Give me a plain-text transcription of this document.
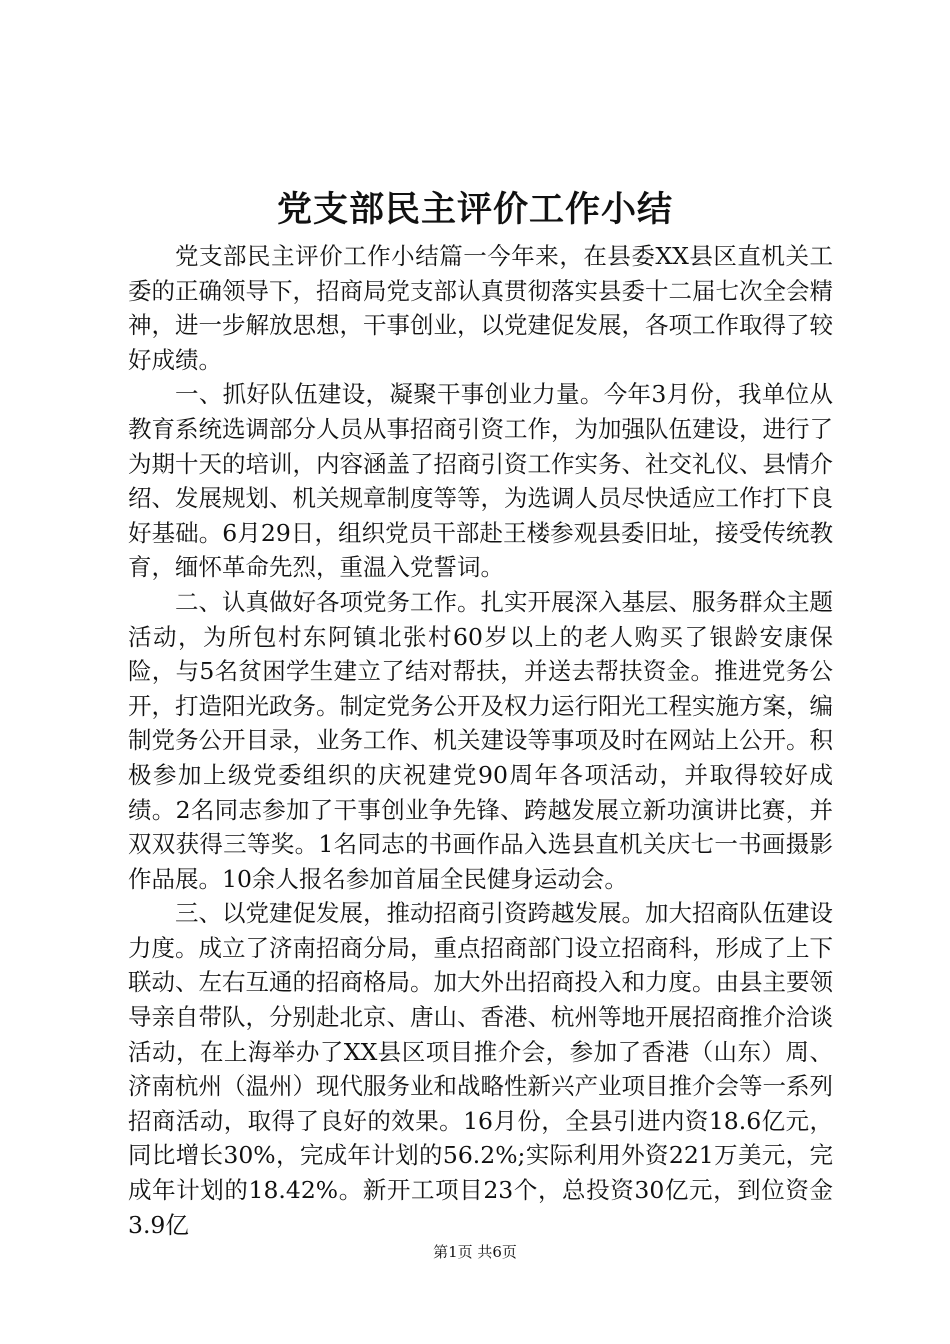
党支部民主评价工作小结

党支部民主评价工作小结篇一今年来，在县委XX县区直机关工委的正确领导下，招商局党支部认真贯彻落实县委十二届七次全会精神，进一步解放思想，干事创业，以党建促发展，各项工作取得了较好成绩。

一、抓好队伍建设，凝聚干事创业力量。今年3月份，我单位从教育系统选调部分人员从事招商引资工作，为加强队伍建设，进行了为期十天的培训，内容涵盖了招商引资工作实务、社交礼仪、县情介绍、发展规划、机关规章制度等等，为选调人员尽快适应工作打下良好基础。6月29日，组织党员干部赴王楼参观县委旧址，接受传统教育，缅怀革命先烈，重温入党誓词。

二、认真做好各项党务工作。扎实开展深入基层、服务群众主题活动，为所包村东阿镇北张村60岁以上的老人购买了银龄安康保险，与5名贫困学生建立了结对帮扶，并送去帮扶资金。推进党务公开，打造阳光政务。制定党务公开及权力运行阳光工程实施方案，编制党务公开目录，业务工作、机关建设等事项及时在网站上公开。积极参加上级党委组织的庆祝建党90周年各项活动，并取得较好成绩。2名同志参加了干事创业争先锋、跨越发展立新功演讲比赛，并双双获得三等奖。1名同志的书画作品入选县直机关庆七一书画摄影作品展。10余人报名参加首届全民健身运动会。

三、以党建促发展，推动招商引资跨越发展。加大招商队伍建设力度。成立了济南招商分局，重点招商部门设立招商科，形成了上下联动、左右互通的招商格局。加大外出招商投入和力度。由县主要领导亲自带队，分别赴北京、唐山、香港、杭州等地开展招商推介洽谈活动，在上海举办了XX县区项目推介会，参加了香港（山东）周、济南杭州（温州）现代服务业和战略性新兴产业项目推介会等一系列招商活动，取得了良好的效果。16月份，全县引进内资18.6亿元，同比增长30%，完成年计划的56.2%;实际利用外资221万美元，完成年计划的18.42%。新开工项目23个，总投资30亿元，到位资金3.9亿

第1页 共6页
